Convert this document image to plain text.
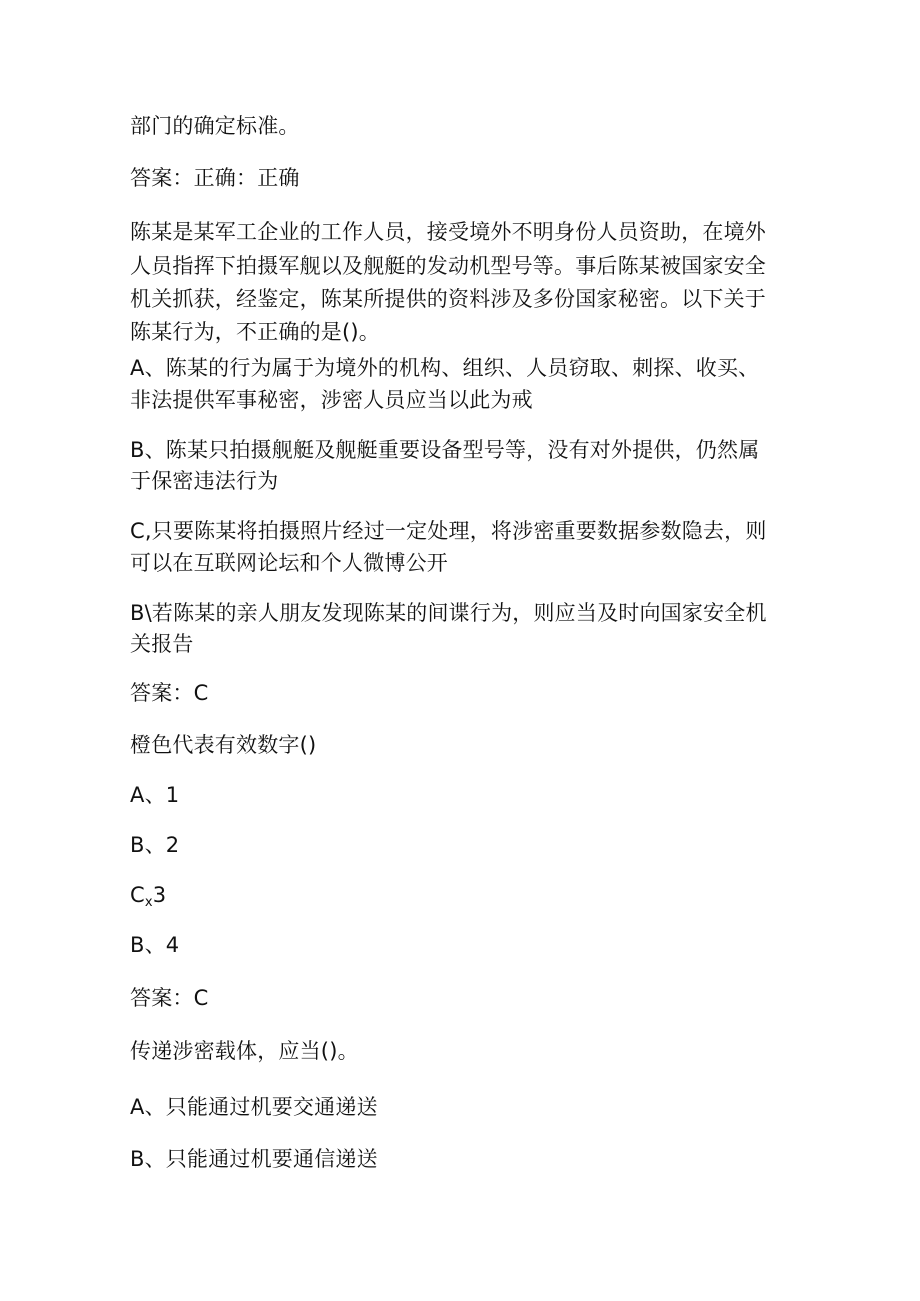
部门的确定标准。
答案：正确：正确
陈某是某军工企业的工作人员，接受境外不明身份人员资助，在境外
人员指挥下拍摄军舰以及舰艇的发动机型号等。事后陈某被国家安全
机关抓获，经鉴定，陈某所提供的资料涉及多份国家秘密。以下关于
陈某行为，不正确的是()。
A、陈某的行为属于为境外的机构、组织、人员窃取、刺探、收买、
非法提供军事秘密，涉密人员应当以此为戒
B、陈某只拍摄舰艇及舰艇重要设备型号等，没有对外提供，仍然属
于保密违法行为
C,只要陈某将拍摄照片经过一定处理，将涉密重要数据参数隐去，则
可以在互联网论坛和个人微博公开
B\若陈某的亲人朋友发现陈某的间谍行为，则应当及时向国家安全机
关报告
答案：C
橙色代表有效数字()
A、1
B、2
$C_x3$
B、4
答案：C
传递涉密载体，应当()。
A、只能通过机要交通递送
B、只能通过机要通信递送
